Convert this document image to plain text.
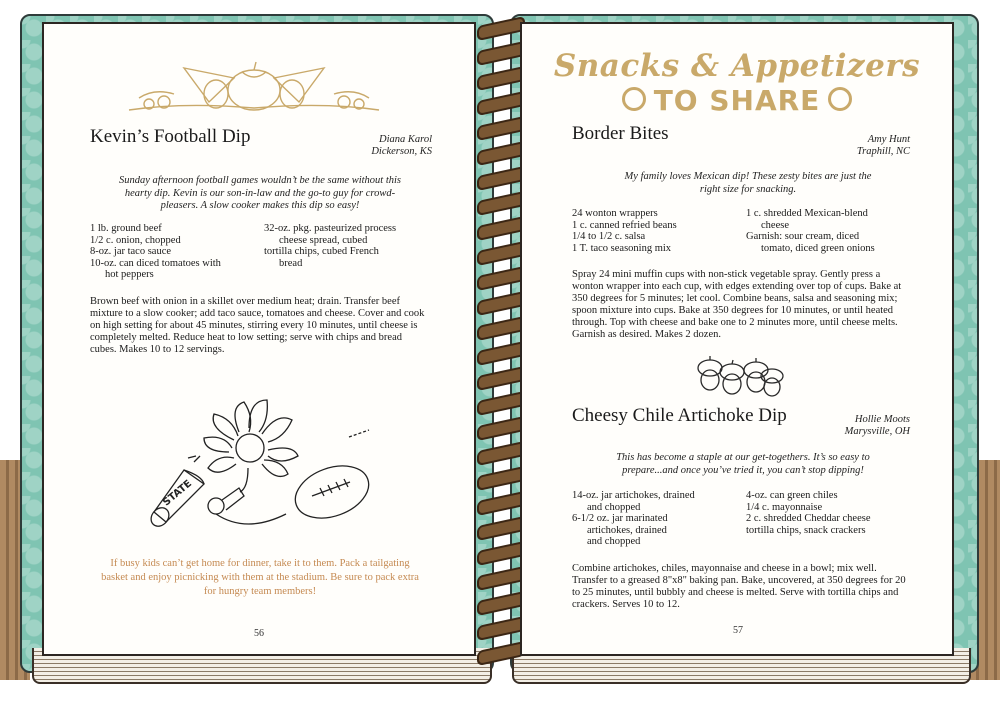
Kevin’s Football Dip	Diana Karol
Dickerson, KS
Sunday afternoon football games wouldn’t be the same without this hearty dip. Kevin is our son-in-law and the go-to guy for crowd-pleasers. A slow cooker makes this dip so easy!
1 lb. ground beef
1/2 c. onion, chopped
8-oz. jar taco sauce
10-oz. can diced tomatoes with
hot peppers
32-oz. pkg. pasteurized process
cheese spread, cubed
tortilla chips, cubed French
bread
Brown beef with onion in a skillet over medium heat; drain. Transfer beef mixture to a slow cooker; add taco sauce, tomatoes and cheese. Cover and cook on high setting for about 45 minutes, stirring every 10 minutes, until cheese is completely melted. Reduce heat to low setting; serve with chips and bread cubes. Makes 10 to 12 servings.
STATE
If busy kids can’t get home for dinner, take it to them. Pack a tailgating basket and enjoy picnicking with them at the stadium. Be sure to pack extra for hungry team members!
56
Snacks & Appetizers
TO SHARE
Border Bites	Amy Hunt
Traphill, NC
My family loves Mexican dip! These zesty bites are just the right size for snacking.
24 wonton wrappers
1 c. canned refried beans
1/4 to 1/2 c. salsa
1 T. taco seasoning mix
1 c. shredded Mexican-blend
cheese
Garnish: sour cream, diced
tomato, diced green onions
Spray 24 mini muffin cups with non-stick vegetable spray. Gently press a wonton wrapper into each cup, with edges extending over top of cups. Bake at 350 degrees for 5 minutes; let cool. Combine beans, salsa and seasoning mix; spoon mixture into cups. Bake at 350 degrees for 10 minutes, or until heated through. Top with cheese and bake one to 2 minutes more, until cheese melts. Garnish as desired. Makes 2 dozen.
Cheesy Chile Artichoke Dip	Hollie Moots
Marysville, OH
This has become a staple at our get-togethers. It’s so easy to prepare...and once you’ve tried it, you can’t stop dipping!
14-oz. jar artichokes, drained
and chopped
6-1/2 oz. jar marinated
artichokes, drained
and chopped
4-oz. can green chiles
1/4 c. mayonnaise
2 c. shredded Cheddar cheese
tortilla chips, snack crackers
Combine artichokes, chiles, mayonnaise and cheese in a bowl; mix well. Transfer to a greased 8"x8" baking pan. Bake, uncovered, at 350 degrees for 20 to 25 minutes, until bubbly and cheese is melted. Serve with tortilla chips and crackers. Serves 10 to 12.
57
